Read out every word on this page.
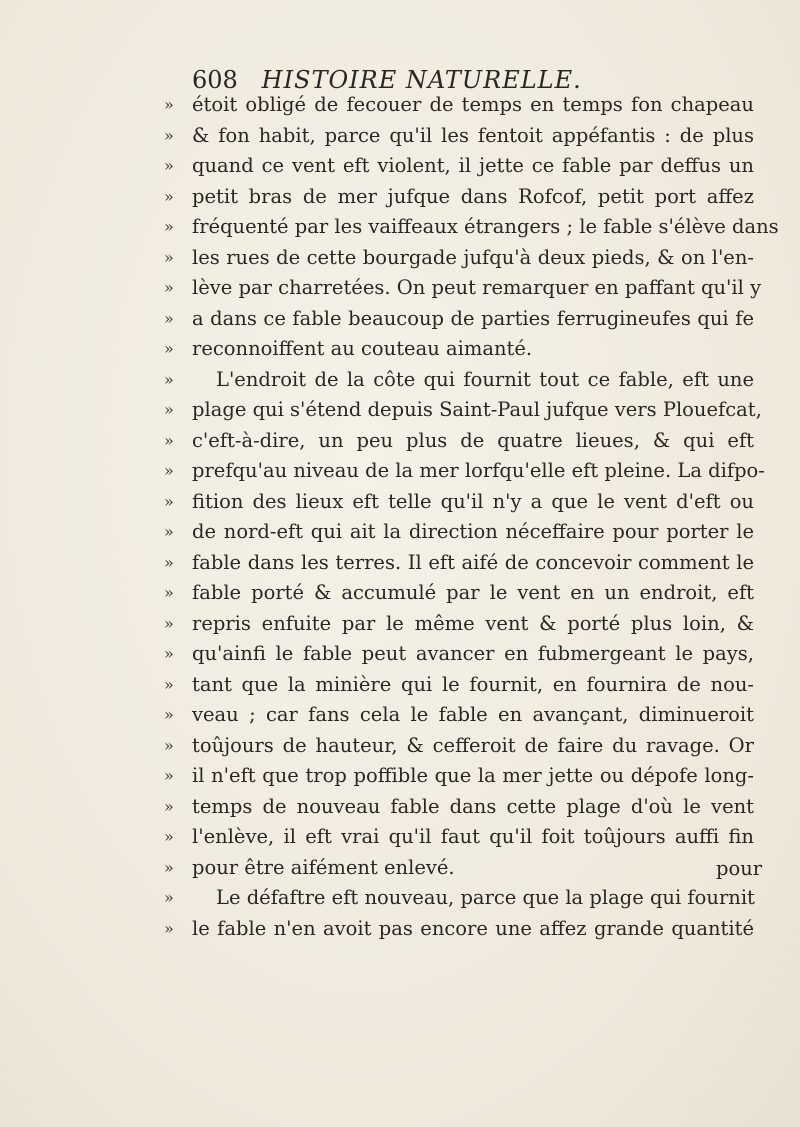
608 HISTOIRE NATURELLE.
» étoit obligé de fecouer de temps en temps fon chapeau
» & fon habit, parce qu'il les fentoit appéfantis : de plus
» quand ce vent eft violent, il jette ce fable par deffus un
» petit bras de mer jufque dans Rofcof, petit port affez
» fréquenté par les vaiffeaux étrangers ; le fable s'élève dans
» les rues de cette bourgade jufqu'à deux pieds, & on l'en-
» lève par charretées. On peut remarquer en paffant qu'il y
» a dans ce fable beaucoup de parties ferrugineufes qui fe
» reconnoiffent au couteau aimanté.
»	L'endroit de la côte qui fournit tout ce fable, eft une
» plage qui s'étend depuis Saint-Paul jufque vers Plouefcat,
» c'eft-à-dire, un peu plus de quatre lieues, & qui eft
» prefqu'au niveau de la mer lorfqu'elle eft pleine. La difpo-
» fition des lieux eft telle qu'il n'y a que le vent d'eft ou
» de nord-eft qui ait la direction néceffaire pour porter le
» fable dans les terres. Il eft aifé de concevoir comment le
» fable porté & accumulé par le vent en un endroit, eft
» repris enfuite par le même vent & porté plus loin, &
» qu'ainfi le fable peut avancer en fubmergeant le pays,
» tant que la minière qui le fournit, en fournira de nou-
» veau ; car fans cela le fable en avançant, diminueroit
» toûjours de hauteur, & cefferoit de faire du ravage. Or
» il n'eft que trop poffible que la mer jette ou dépofe long-
» temps de nouveau fable dans cette plage d'où le vent
» l'enlève, il eft vrai qu'il faut qu'il foit toûjours auffi fin
» pour être aifément enlevé.
»	Le défaftre eft nouveau, parce que la plage qui fournit
» le fable n'en avoit pas encore une affez grande quantité
pour
